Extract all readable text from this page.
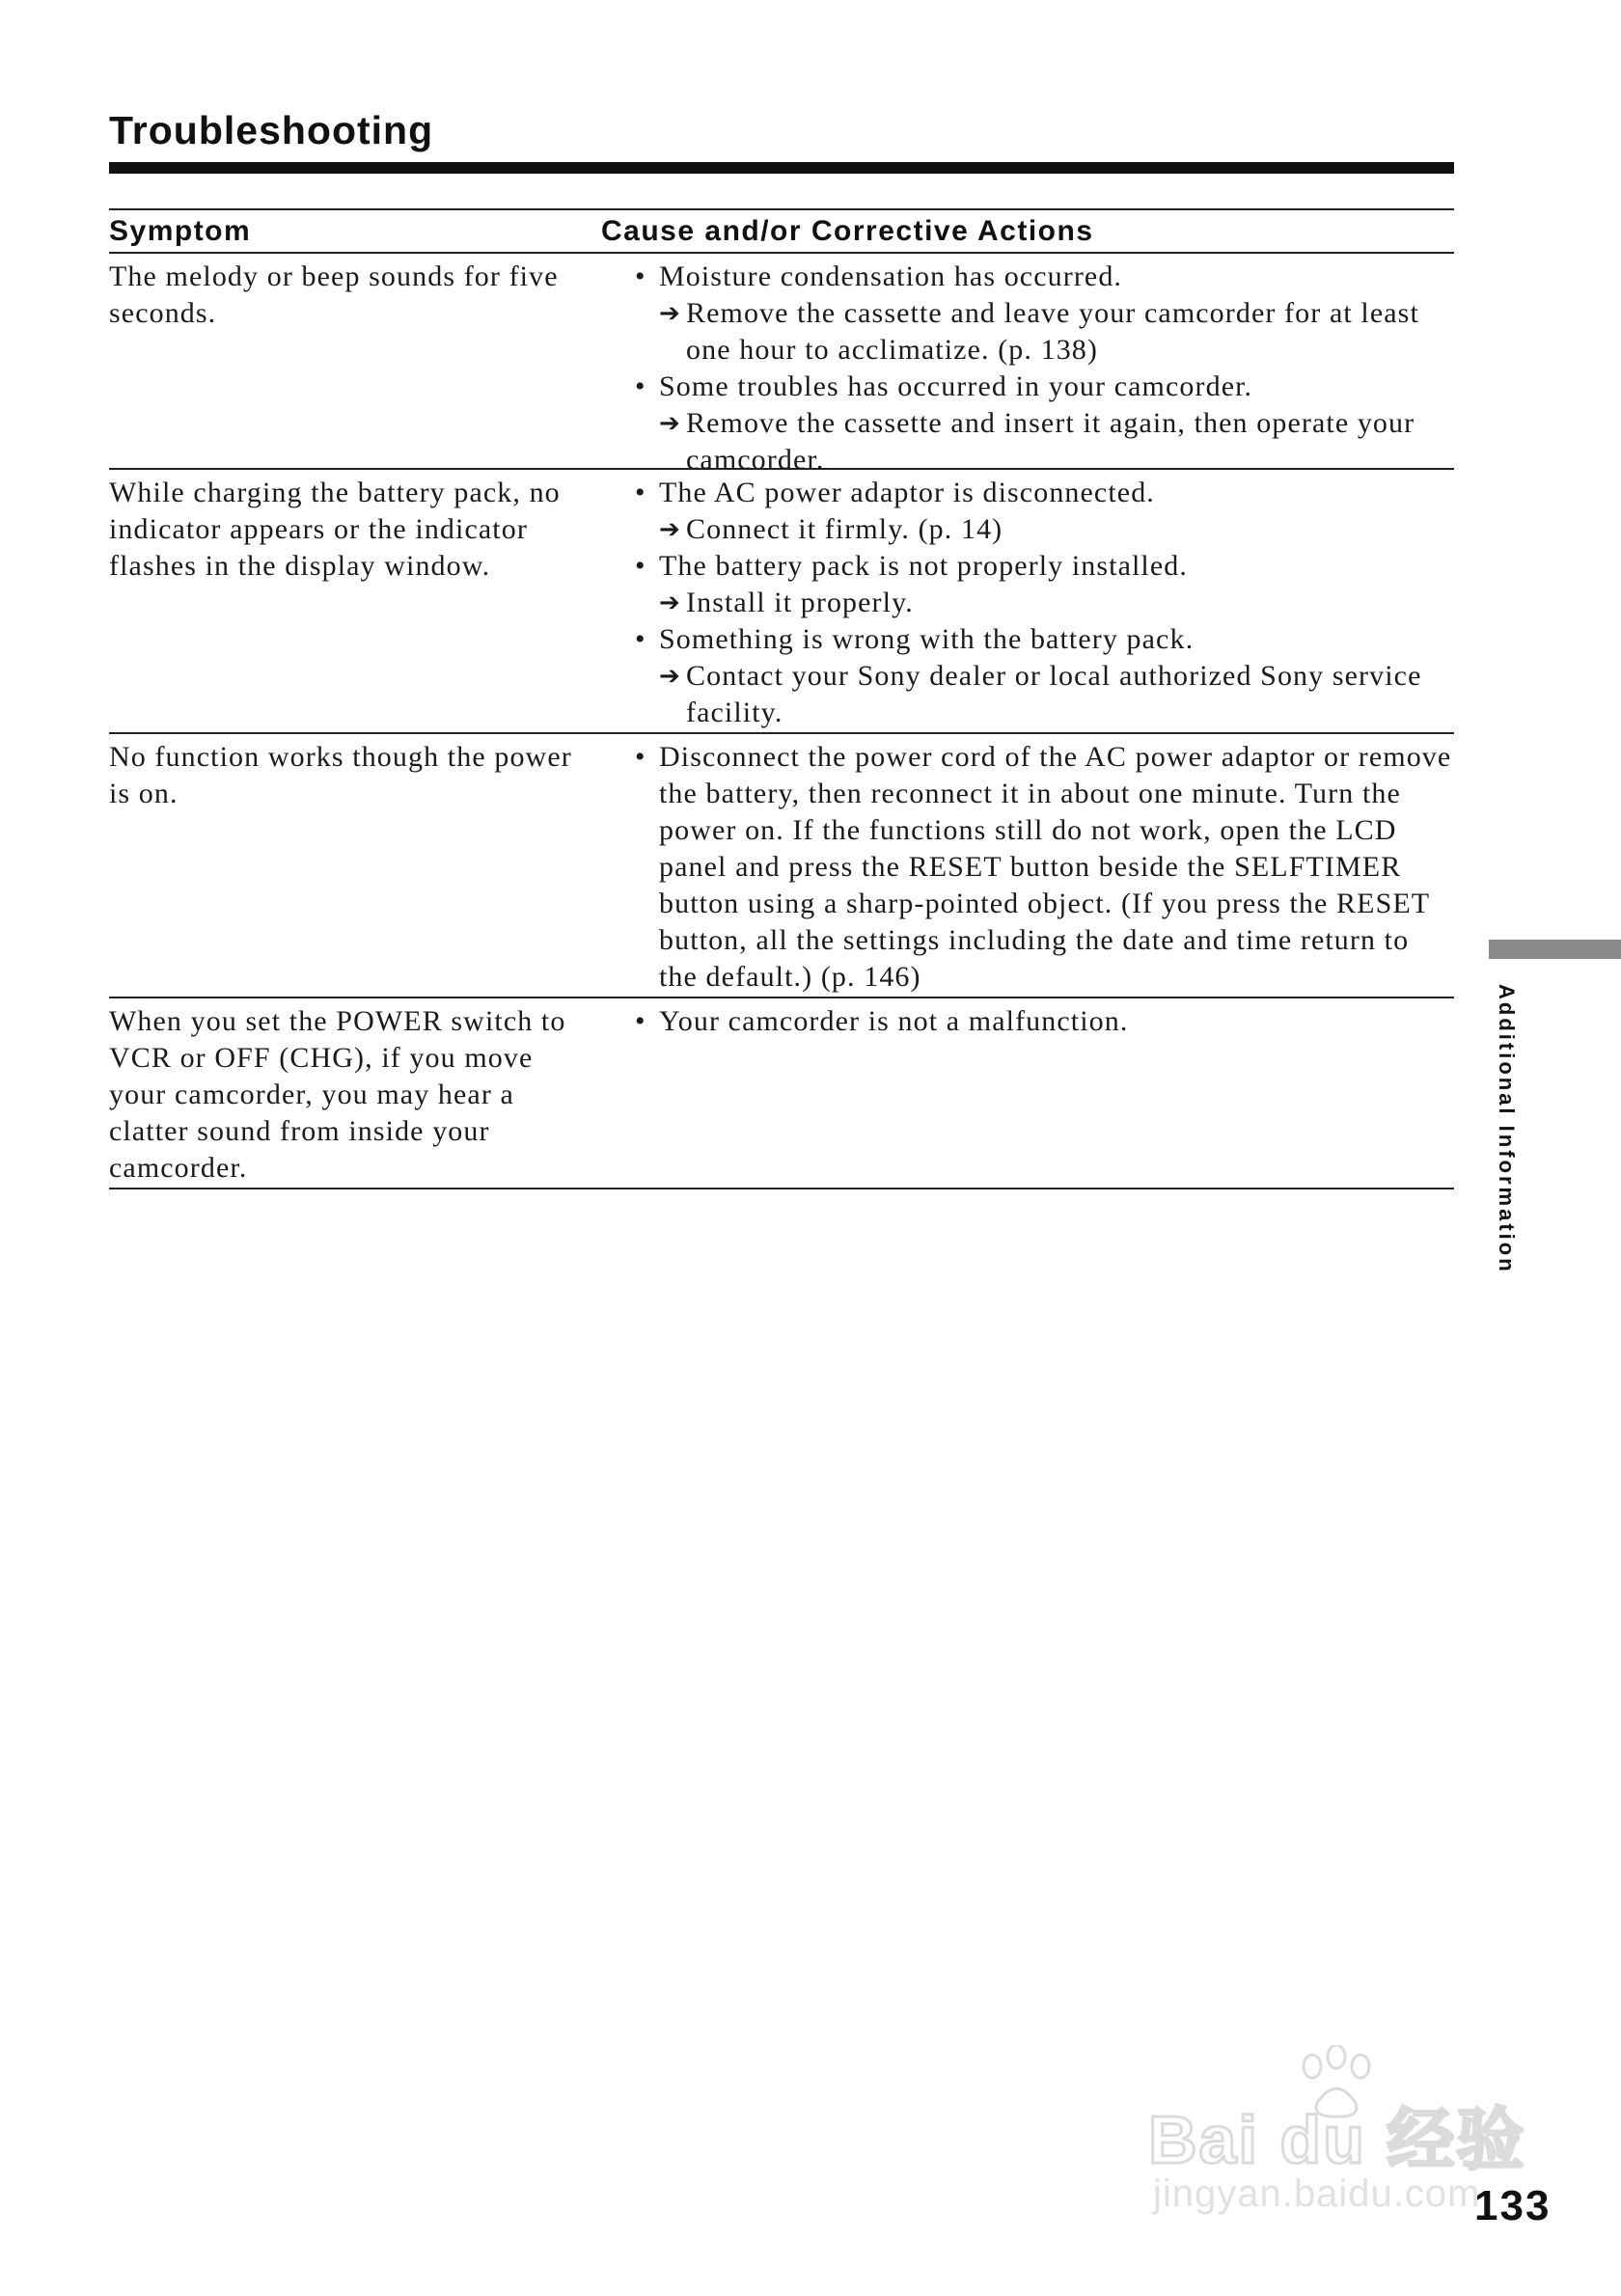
Troubleshooting
Symptom	Cause and/or Corrective Actions
The melody or beep sounds for five seconds.
• Moisture condensation has occurred.
➔ Remove the cassette and leave your camcorder for at least one hour to acclimatize. (p. 138)
• Some troubles has occurred in your camcorder.
➔ Remove the cassette and insert it again, then operate your camcorder.
While charging the battery pack, no indicator appears or the indicator flashes in the display window.
• The AC power adaptor is disconnected.
➔ Connect it firmly. (p. 14)
• The battery pack is not properly installed.
➔ Install it properly.
• Something is wrong with the battery pack.
➔ Contact your Sony dealer or local authorized Sony service facility.
No function works though the power is on.
• Disconnect the power cord of the AC power adaptor or remove the battery, then reconnect it in about one minute. Turn the power on. If the functions still do not work, open the LCD panel and press the RESET button beside the SELFTIMER button using a sharp-pointed object. (If you press the RESET button, all the settings including the date and time return to the default.) (p. 146)
When you set the POWER switch to VCR or OFF (CHG), if you move your camcorder, you may hear a clatter sound from inside your camcorder.
• Your camcorder is not a malfunction.	Additional Information
Bai du 经验
jingyan.baidu.com
133
